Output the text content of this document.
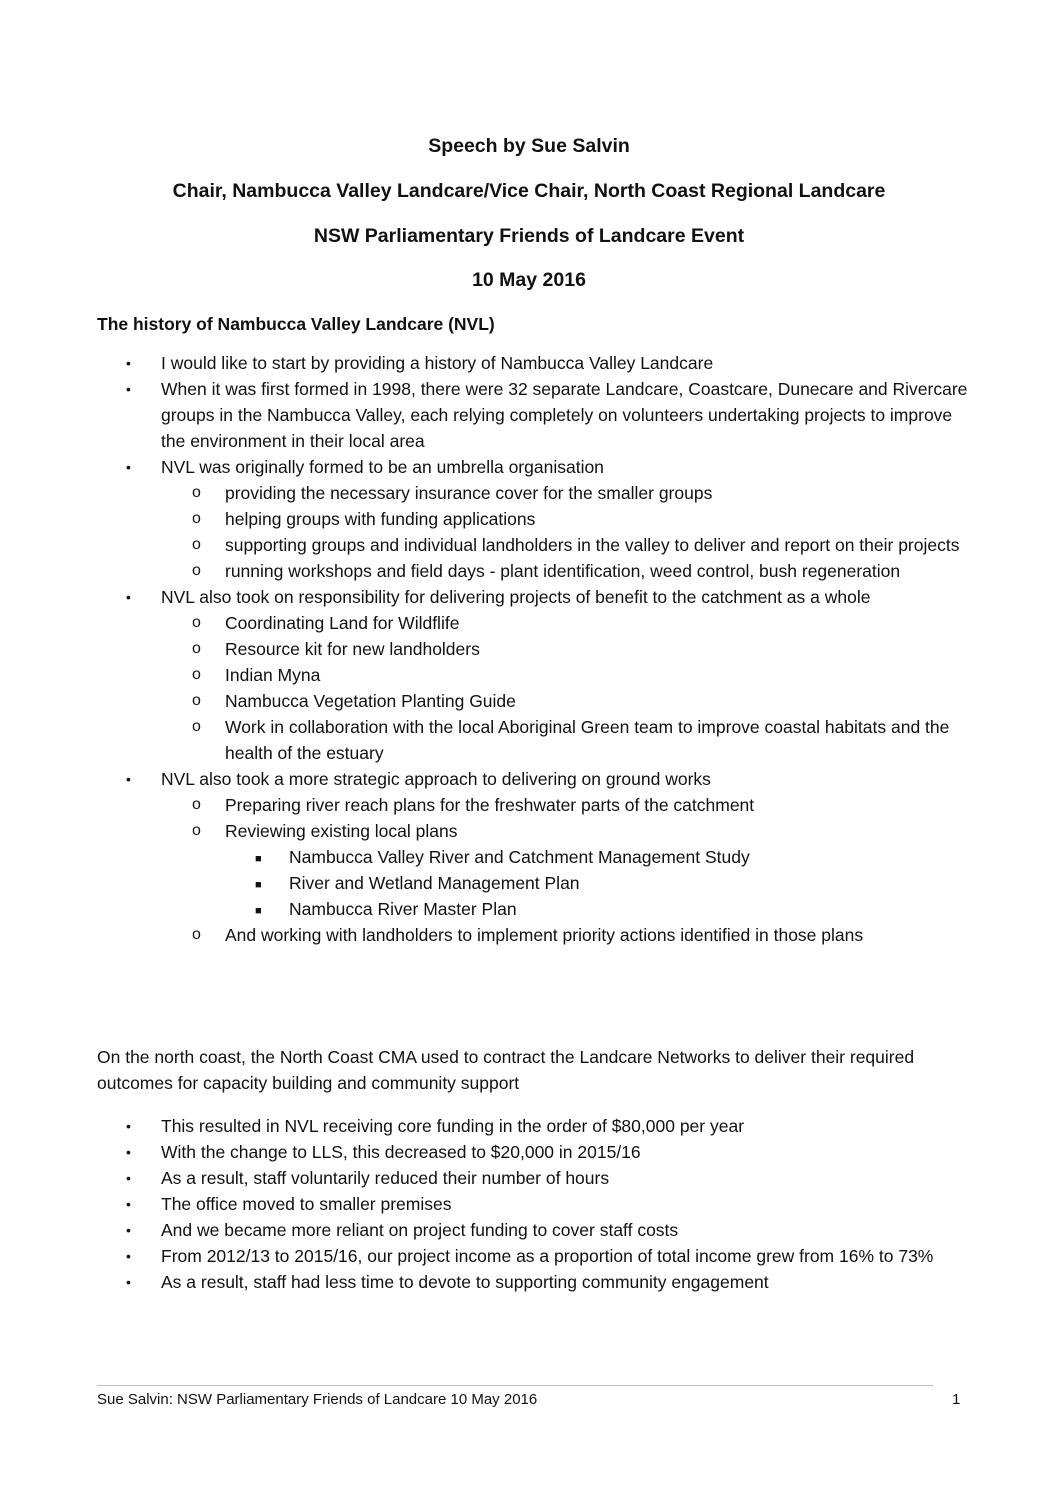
Speech by Sue Salvin
Chair, Nambucca Valley Landcare/Vice Chair, North Coast Regional Landcare
NSW Parliamentary Friends of Landcare Event
10 May 2016
The history of Nambucca Valley Landcare (NVL)
• I would like to start by providing a history of Nambucca Valley Landcare
• When it was first formed in 1998, there were 32 separate Landcare, Coastcare, Dunecare and Rivercare groups in the Nambucca Valley, each relying completely on volunteers undertaking projects to improve the environment in their local area
• NVL was originally formed to be an umbrella organisation
o providing the necessary insurance cover for the smaller groups
o helping groups with funding applications
o supporting groups and individual landholders in the valley to deliver and report on their projects
o running workshops and field days - plant identification, weed control, bush regeneration
• NVL also took on responsibility for delivering projects of benefit to the catchment as a whole
o Coordinating Land for Wildflife
o Resource kit for new landholders
o Indian Myna
o Nambucca Vegetation Planting Guide
o Work in collaboration with the local Aboriginal Green team to improve coastal habitats and the health of the estuary
• NVL also took a more strategic approach to delivering on ground works
o Preparing river reach plans for the freshwater parts of the catchment
o Reviewing existing local plans
■ Nambucca Valley River and Catchment Management Study
■ River and Wetland Management Plan
■ Nambucca River Master Plan
o And working with landholders to implement priority actions identified in those plans

On the north coast, the North Coast CMA used to contract the Landcare Networks to deliver their required outcomes for capacity building and community support

• This resulted in NVL receiving core funding in the order of $80,000 per year
• With the change to LLS, this decreased to $20,000 in 2015/16
• As a result, staff voluntarily reduced their number of hours
• The office moved to smaller premises
• And we became more reliant on project funding to cover staff costs
• From 2012/13 to 2015/16, our project income as a proportion of total income grew from 16% to 73%
• As a result, staff had less time to devote to supporting community engagement
Sue Salvin: NSW Parliamentary Friends of Landcare 10 May 2016	1
